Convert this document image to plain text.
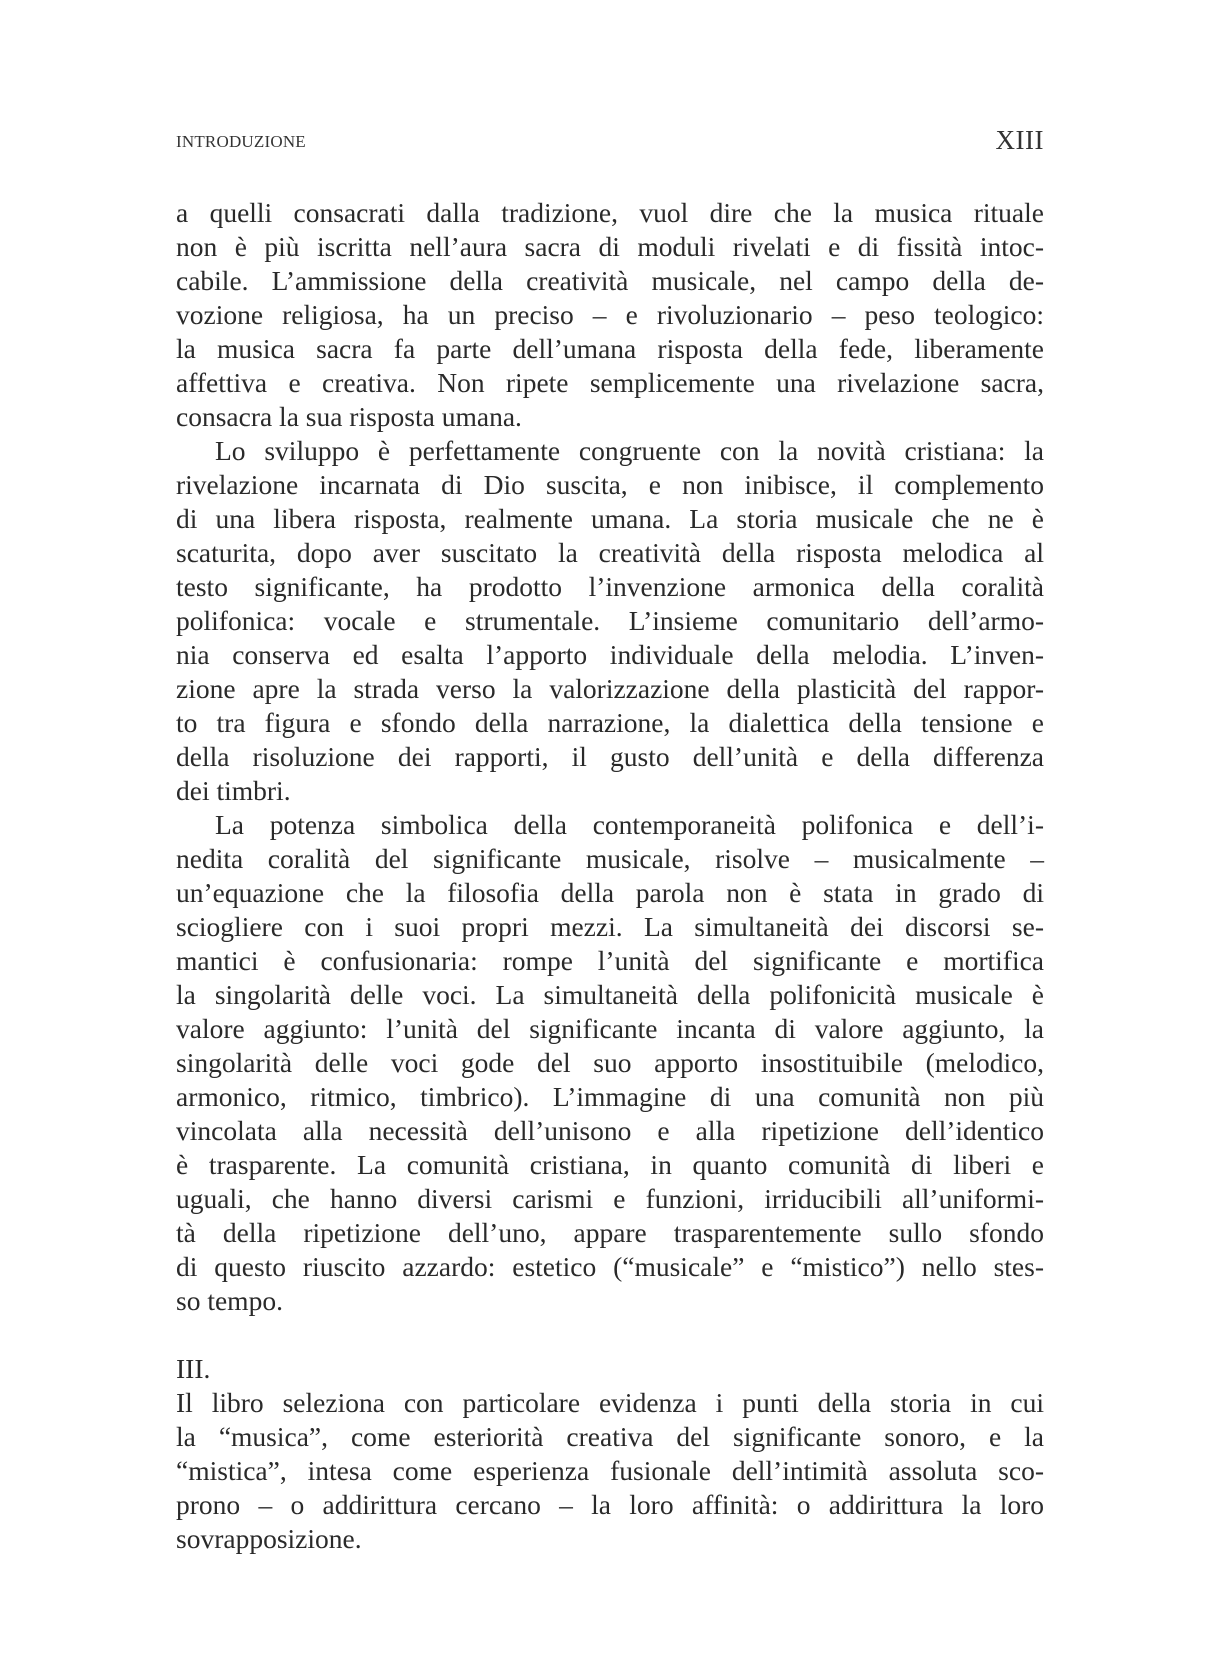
INTRODUZIONE	XIII
a quelli consacrati dalla tradizione, vuol dire che la musica rituale
non è più iscritta nell’aura sacra di moduli rivelati e di fissità intoc-
cabile. L’ammissione della creatività musicale, nel campo della de-
vozione religiosa, ha un preciso – e rivoluzionario – peso teologico:
la musica sacra fa parte dell’umana risposta della fede, liberamente
affettiva e creativa. Non ripete semplicemente una rivelazione sacra,
consacra la sua risposta umana.
Lo sviluppo è perfettamente congruente con la novità cristiana: la
rivelazione incarnata di Dio suscita, e non inibisce, il complemento
di una libera risposta, realmente umana. La storia musicale che ne è
scaturita, dopo aver suscitato la creatività della risposta melodica al
testo significante, ha prodotto l’invenzione armonica della coralità
polifonica: vocale e strumentale. L’insieme comunitario dell’armo-
nia conserva ed esalta l’apporto individuale della melodia. L’inven-
zione apre la strada verso la valorizzazione della plasticità del rappor-
to tra figura e sfondo della narrazione, la dialettica della tensione e
della risoluzione dei rapporti, il gusto dell’unità e della differenza
dei timbri.
La potenza simbolica della contemporaneità polifonica e dell’i-
nedita coralità del significante musicale, risolve – musicalmente –
un’equazione che la filosofia della parola non è stata in grado di
sciogliere con i suoi propri mezzi. La simultaneità dei discorsi se-
mantici è confusionaria: rompe l’unità del significante e mortifica
la singolarità delle voci. La simultaneità della polifonicità musicale è
valore aggiunto: l’unità del significante incanta di valore aggiunto, la
singolarità delle voci gode del suo apporto insostituibile (melodico,
armonico, ritmico, timbrico). L’immagine di una comunità non più
vincolata alla necessità dell’unisono e alla ripetizione dell’identico
è trasparente. La comunità cristiana, in quanto comunità di liberi e
uguali, che hanno diversi carismi e funzioni, irriducibili all’uniformi-
tà della ripetizione dell’uno, appare trasparentemente sullo sfondo
di questo riuscito azzardo: estetico (“musicale” e “mistico”) nello stes-
so tempo.
III.
Il libro seleziona con particolare evidenza i punti della storia in cui
la “musica”, come esteriorità creativa del significante sonoro, e la
“mistica”, intesa come esperienza fusionale dell’intimità assoluta sco-
prono – o addirittura cercano – la loro affinità: o addirittura la loro
sovrapposizione.
